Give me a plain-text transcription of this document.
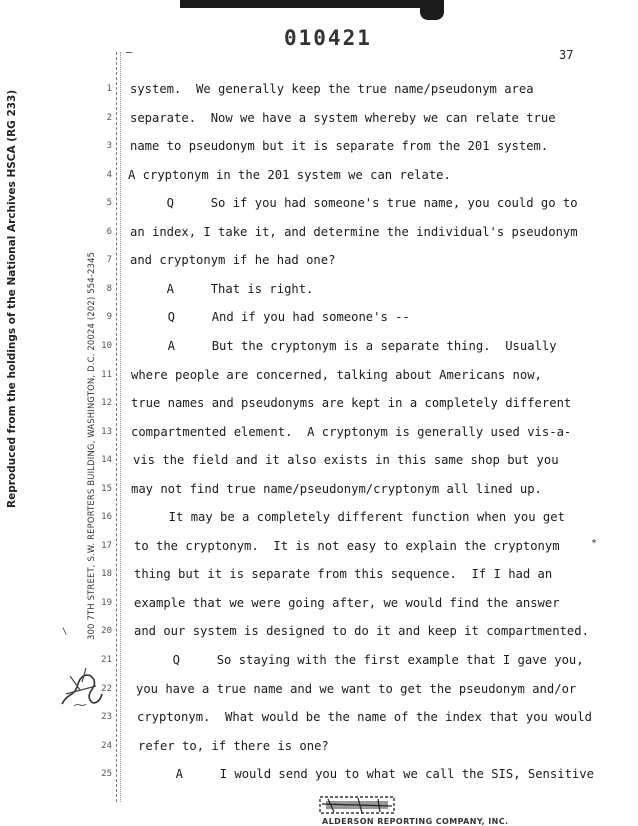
010421
37
Reproduced from the holdings of the National Archives HSCA (RG 233)	300 7TH STREET, S.W. REPORTERS BUILDING, WASHINGTON, D.C. 20024 (202) 554-2345
1 system.  We generally keep the true name/pseudonym area
2 separate.  Now we have a system whereby we can relate true
3 name to pseudonym but it is separate from the 201 system.
4 A cryptonym in the 201 system we can relate.
5 Q     So if you had someone's true name, you could go to
6 an index, I take it, and determine the individual's pseudonym
7 and cryptonym if he had one?
8 A     That is right.
9 Q     And if you had someone's --
10 A     But the cryptonym is a separate thing.  Usually
11 where people are concerned, talking about Americans now,
12 true names and pseudonyms are kept in a completely different
13 compartmented element.  A cryptonym is generally used vis-a-
14 vis the field and it also exists in this same shop but you
15 may not find true name/pseudonym/cryptonym all lined up.
16 It may be a completely different function when you get
17 to the cryptonym.  It is not easy to explain the cryptonym
18 thing but it is separate from this sequence.  If I had an
19 example that we were going after, we would find the answer
20 and our system is designed to do it and keep it compartmented.
21 Q     So staying with the first example that I gave you,
22 you have a true name and we want to get the pseudonym and/or
23 cryptonym.  What would be the name of the index that you would
24 refer to, if there is one?
25 A     I would send you to what we call the SIS, Sensitive
\
*
ALDERSON REPORTING COMPANY, INC.
